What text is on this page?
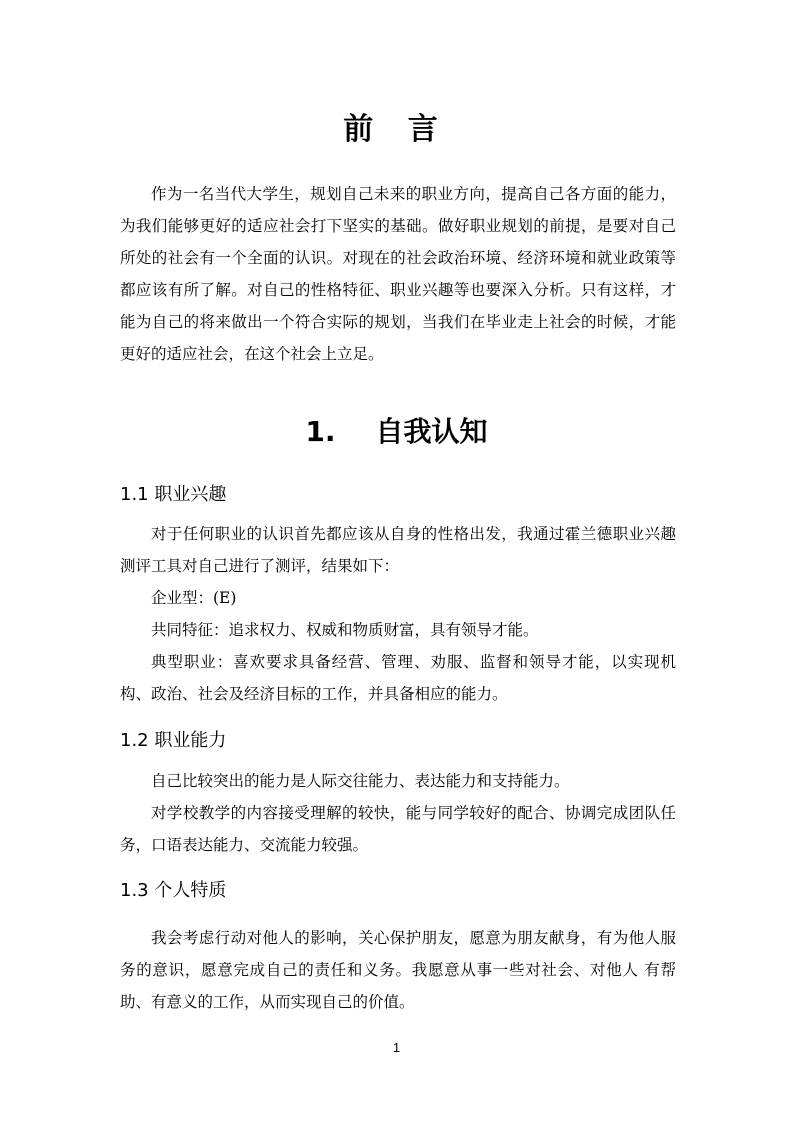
前 言

作为一名当代大学生，规划自己未来的职业方向，提高自己各方面的能力，为我们能够更好的适应社会打下坚实的基础。做好职业规划的前提，是要对自己所处的社会有一个全面的认识。对现在的社会政治环境、经济环境和就业政策等都应该有所了解。对自己的性格特征、职业兴趣等也要深入分析。只有这样，才能为自己的将来做出一个符合实际的规划，当我们在毕业走上社会的时候，才能更好的适应社会，在这个社会上立足。

1. 自我认知
1.1 职业兴趣

对于任何职业的认识首先都应该从自身的性格出发，我通过霍兰德职业兴趣测评工具对自己进行了测评，结果如下：

企业型：(E)

共同特征：追求权力、权威和物质财富，具有领导才能。

典型职业：喜欢要求具备经营、管理、劝服、监督和领导才能，以实现机构、政治、社会及经济目标的工作，并具备相应的能力。

1.2 职业能力

自己比较突出的能力是人际交往能力、表达能力和支持能力。

对学校教学的内容接受理解的较快，能与同学较好的配合、协调完成团队任务，口语表达能力、交流能力较强。

1.3 个人特质

我会考虑行动对他人的影响，关心保护朋友，愿意为朋友献身，有为他人服务的意识，愿意完成自己的责任和义务。我愿意从事一些对社会、对他人 有帮助、有意义的工作，从而实现自己的价值。

1
